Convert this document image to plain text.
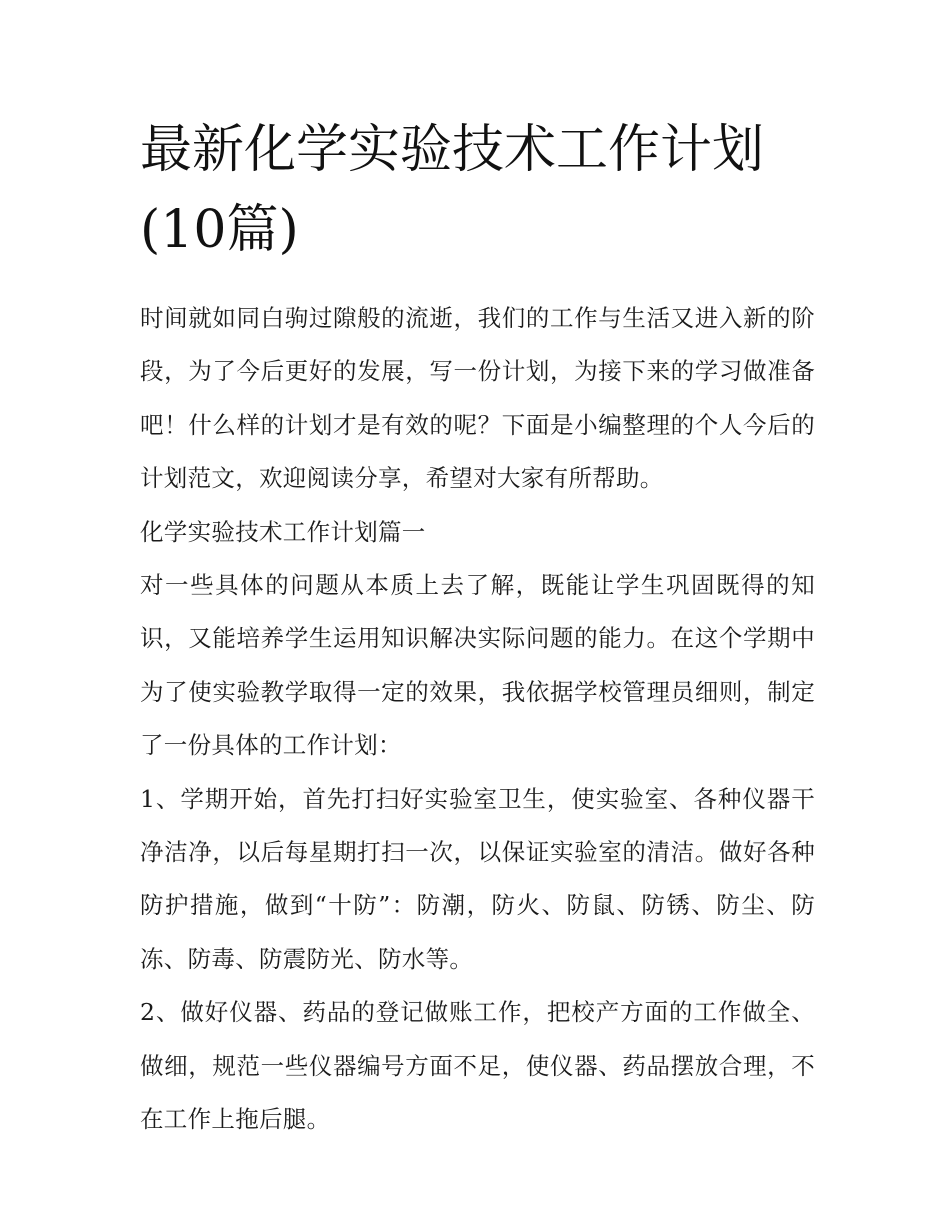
最新化学实验技术工作计划(10篇)

时间就如同白驹过隙般的流逝，我们的工作与生活又进入新的阶段，为了今后更好的发展，写一份计划，为接下来的学习做准备吧！什么样的计划才是有效的呢？下面是小编整理的个人今后的计划范文，欢迎阅读分享，希望对大家有所帮助。

化学实验技术工作计划篇一

对一些具体的问题从本质上去了解，既能让学生巩固既得的知识，又能培养学生运用知识解决实际问题的能力。在这个学期中为了使实验教学取得一定的效果，我依据学校管理员细则，制定了一份具体的工作计划：

1、学期开始，首先打扫好实验室卫生，使实验室、各种仪器干净洁净，以后每星期打扫一次，以保证实验室的清洁。做好各种防护措施，做到“十防”：防潮，防火、防鼠、防锈、防尘、防冻、防毒、防震防光、防水等。

2、做好仪器、药品的登记做账工作，把校产方面的工作做全、做细，规范一些仪器编号方面不足，使仪器、药品摆放合理，不在工作上拖后腿。
